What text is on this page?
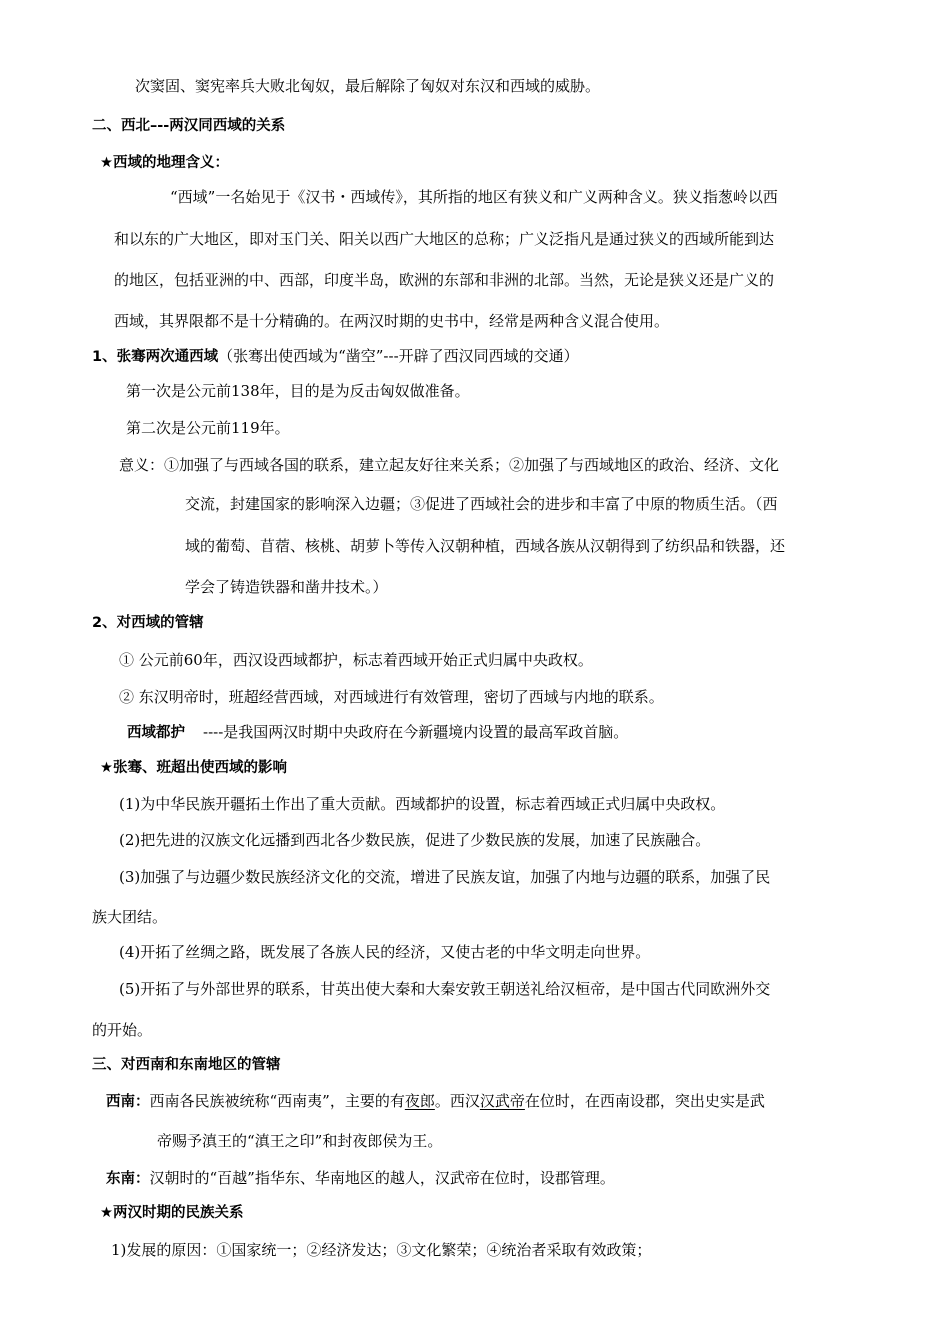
次窦固、窦宪率兵大败北匈奴，最后解除了匈奴对东汉和西域的威胁。
二、西北–--两汉同西域的关系
★西域的地理含义：
“西域”一名始见于《汉书・西域传》，其所指的地区有狭义和广义两种含义。狭义指葱岭以西
和以东的广大地区，即对玉门关、阳关以西广大地区的总称；广义泛指凡是通过狭义的西域所能到达
的地区，包括亚洲的中、西部，印度半岛，欧洲的东部和非洲的北部。当然，无论是狭义还是广义的
西域，其界限都不是十分精确的。在两汉时期的史书中，经常是两种含义混合使用。
1、张骞两次通西域（张骞出使西域为“凿空”---开辟了西汉同西域的交通）
第一次是公元前138年，目的是为反击匈奴做准备。
第二次是公元前119年。
意义：①加强了与西域各国的联系，建立起友好往来关系；②加强了与西域地区的政治、经济、文化
交流，封建国家的影响深入边疆；③促进了西域社会的进步和丰富了中原的物质生活。（西
域的葡萄、苜蓿、核桃、胡萝卜等传入汉朝种植，西域各族从汉朝得到了纺织品和铁器，还
学会了铸造铁器和凿井技术。）
2、对西域的管辖
① 公元前60年，西汉设西域都护，标志着西域开始正式归属中央政权。
② 东汉明帝时，班超经营西域，对西域进行有效管理，密切了西域与内地的联系。
西域都护 ----是我国两汉时期中央政府在今新疆境内设置的最高军政首脑。
★张骞、班超出使西域的影响
(1)为中华民族开疆拓土作出了重大贡献。西域都护的设置，标志着西域正式归属中央政权。
(2)把先进的汉族文化远播到西北各少数民族，促进了少数民族的发展，加速了民族融合。
(3)加强了与边疆少数民族经济文化的交流，增进了民族友谊，加强了内地与边疆的联系，加强了民
族大团结。
(4)开拓了丝绸之路，既发展了各族人民的经济，又使古老的中华文明走向世界。
(5)开拓了与外部世界的联系，甘英出使大秦和大秦安敦王朝送礼给汉桓帝，是中国古代同欧洲外交
的开始。
三、对西南和东南地区的管辖
西南：西南各民族被统称“西南夷”，主要的有夜郎。西汉汉武帝在位时，在西南设郡，突出史实是武
帝赐予滇王的“滇王之印”和封夜郎侯为王。
东南：汉朝时的“百越”指华东、华南地区的越人，汉武帝在位时，设郡管理。
★两汉时期的民族关系
1)发展的原因：①国家统一；②经济发达；③文化繁荣；④统治者采取有效政策；
